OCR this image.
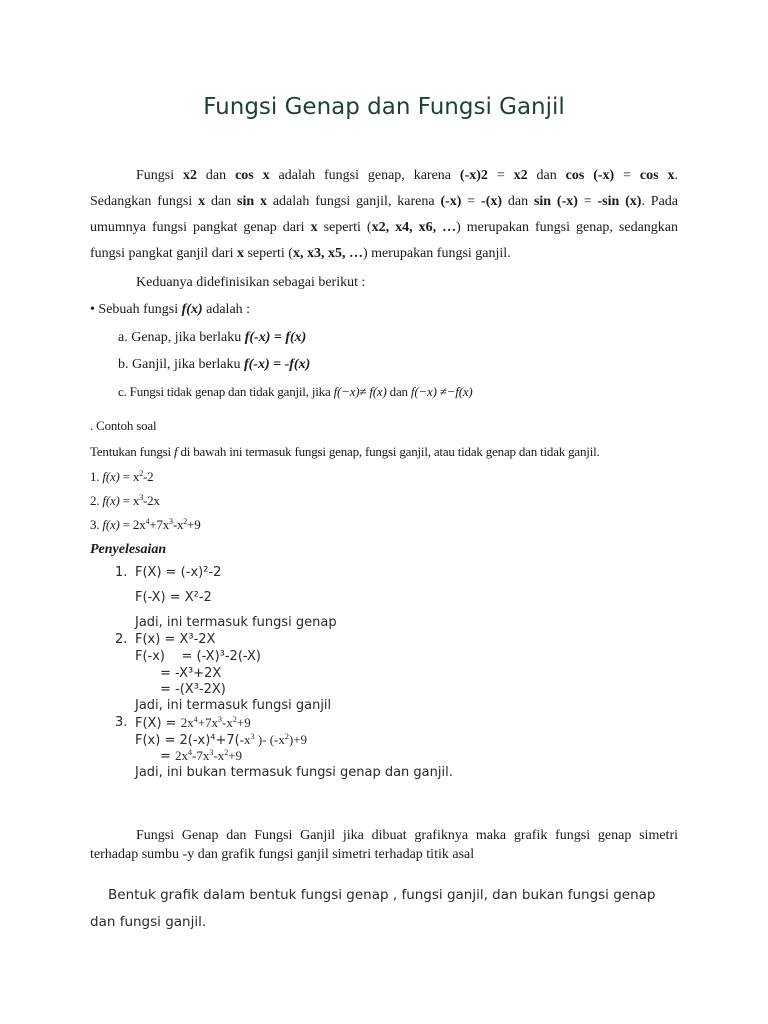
Fungsi Genap dan Fungsi Ganjil
Fungsi x2 dan cos x adalah fungsi genap, karena (-x)2 = x2 dan cos (-x) = cos x.
Sedangkan fungsi x dan sin x adalah fungsi ganjil, karena (-x) = -(x) dan sin (-x) = -sin (x). Pada
umumnya fungsi pangkat genap dari x seperti (x2, x4, x6, …) merupakan fungsi genap, sedangkan
fungsi pangkat ganjil dari x seperti (x, x3, x5, …) merupakan fungsi ganjil.
Keduanya didefinisikan sebagai berikut :
• Sebuah fungsi f(x) adalah :
a. Genap, jika berlaku f(-x) = f(x)
b. Ganjil, jika berlaku f(-x) = -f(x)
c. Fungsi tidak genap dan tidak ganjil, jika f(−x)≠ f(x) dan f(−x) ≠−f(x)
. Contoh soal
Tentukan fungsi f di bawah ini termasuk fungsi genap, fungsi ganjil, atau tidak genap dan tidak ganjil.
1. $f(x) = x^2-2$
2. $f(x) = x^3-2x$
3. $f(x) = 2x^4+7x^3-x^2+9$
Penyelesaian
1. F(X) = (-x)²-2
F(-X) = X²-2
Jadi, ini termasuk fungsi genap
2. F(x) = X³-2X
F(-x)    = (-X)³-2(-X)
= -X³+2X
= -(X³-2X)
Jadi, ini termasuk fungsi ganjil
3. $F(X) = 2x^4+7x^3-x^2+9$
$F(x) = 2(-x)^4+7(-x^3$ )- $(-x^2)+9$
= $2x^4-7x^3-x^2+9$
Jadi, ini bukan termasuk fungsi genap dan ganjil.
Fungsi Genap dan Fungsi Ganjil jika dibuat grafiknya maka grafik fungsi genap simetri
terhadap sumbu -y dan grafik fungsi ganjil simetri terhadap titik asal
Bentuk grafik dalam bentuk fungsi genap , fungsi ganjil, dan bukan fungsi genap
dan fungsi ganjil.
